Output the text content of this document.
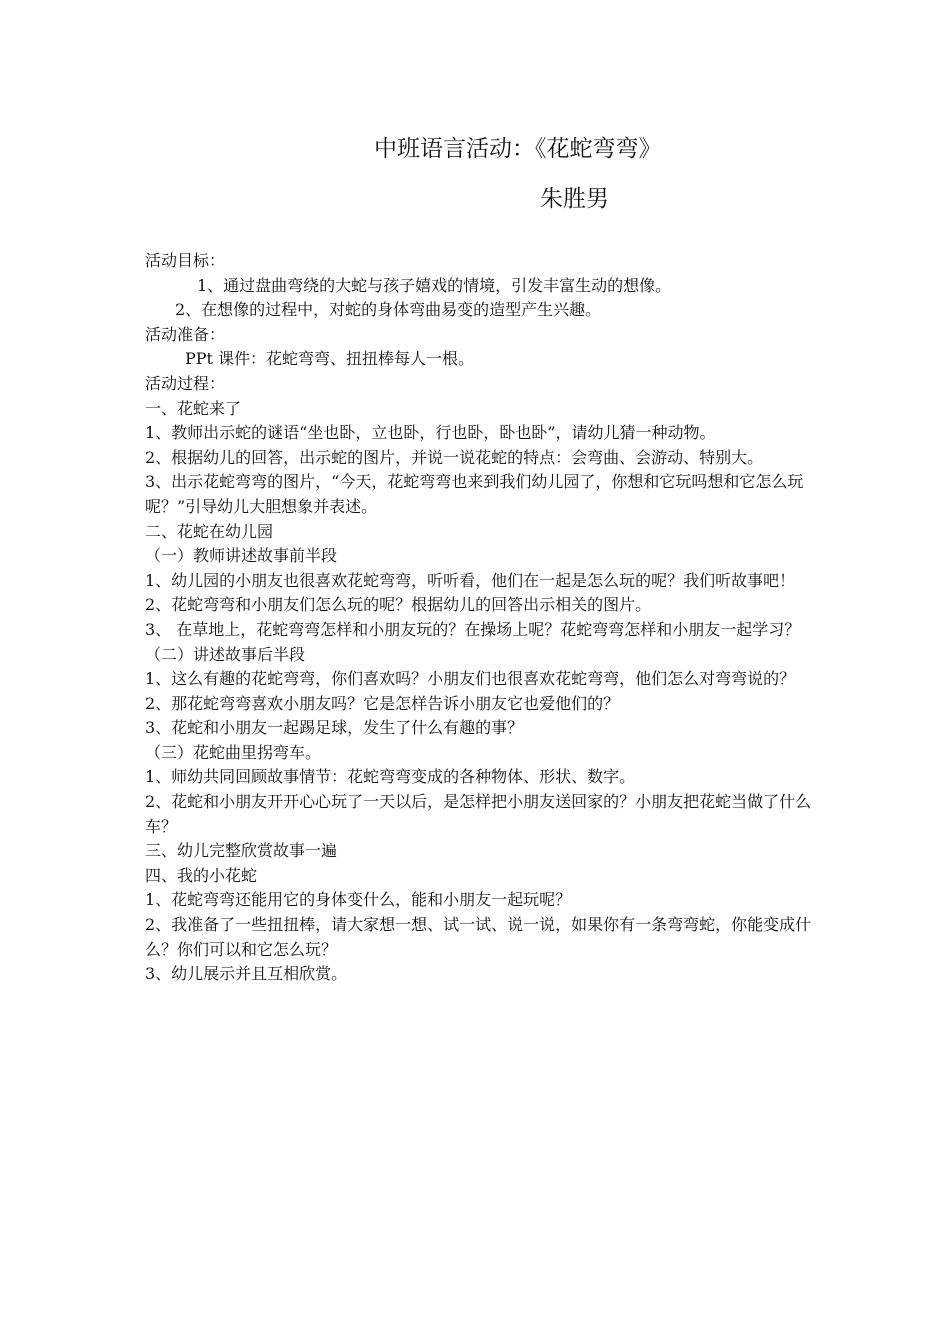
中班语言活动：《花蛇弯弯》
朱胜男
活动目标：
1、通过盘曲弯绕的大蛇与孩子嬉戏的情境，引发丰富生动的想像。
2、在想像的过程中，对蛇的身体弯曲易变的造型产生兴趣。
活动准备：
PPt 课件：花蛇弯弯、扭扭棒每人一根。
活动过程：
一、花蛇来了
1、教师出示蛇的谜语“坐也卧，立也卧，行也卧，卧也卧”，请幼儿猜一种动物。
2、根据幼儿的回答，出示蛇的图片，并说一说花蛇的特点：会弯曲、会游动、特别大。
3、出示花蛇弯弯的图片，“今天，花蛇弯弯也来到我们幼儿园了，你想和它玩吗想和它怎么玩呢？”引导幼儿大胆想象并表述。
二、花蛇在幼儿园
（一）教师讲述故事前半段
1、幼儿园的小朋友也很喜欢花蛇弯弯，听听看，他们在一起是怎么玩的呢？我们听故事吧！
2、花蛇弯弯和小朋友们怎么玩的呢？根据幼儿的回答出示相关的图片。
3、 在草地上，花蛇弯弯怎样和小朋友玩的？在操场上呢？花蛇弯弯怎样和小朋友一起学习？
（二）讲述故事后半段
1、这么有趣的花蛇弯弯，你们喜欢吗？小朋友们也很喜欢花蛇弯弯，他们怎么对弯弯说的？
2、那花蛇弯弯喜欢小朋友吗？它是怎样告诉小朋友它也爱他们的？
3、花蛇和小朋友一起踢足球，发生了什么有趣的事？
（三）花蛇曲里拐弯车。
1、师幼共同回顾故事情节：花蛇弯弯变成的各种物体、形状、数字。
2、花蛇和小朋友开开心心玩了一天以后，是怎样把小朋友送回家的？小朋友把花蛇当做了什么车？
三、幼儿完整欣赏故事一遍
四、我的小花蛇
1、花蛇弯弯还能用它的身体变什么，能和小朋友一起玩呢？
2、我准备了一些扭扭棒，请大家想一想、试一试、说一说，如果你有一条弯弯蛇，你能变成什么？你们可以和它怎么玩？
3、幼儿展示并且互相欣赏。
